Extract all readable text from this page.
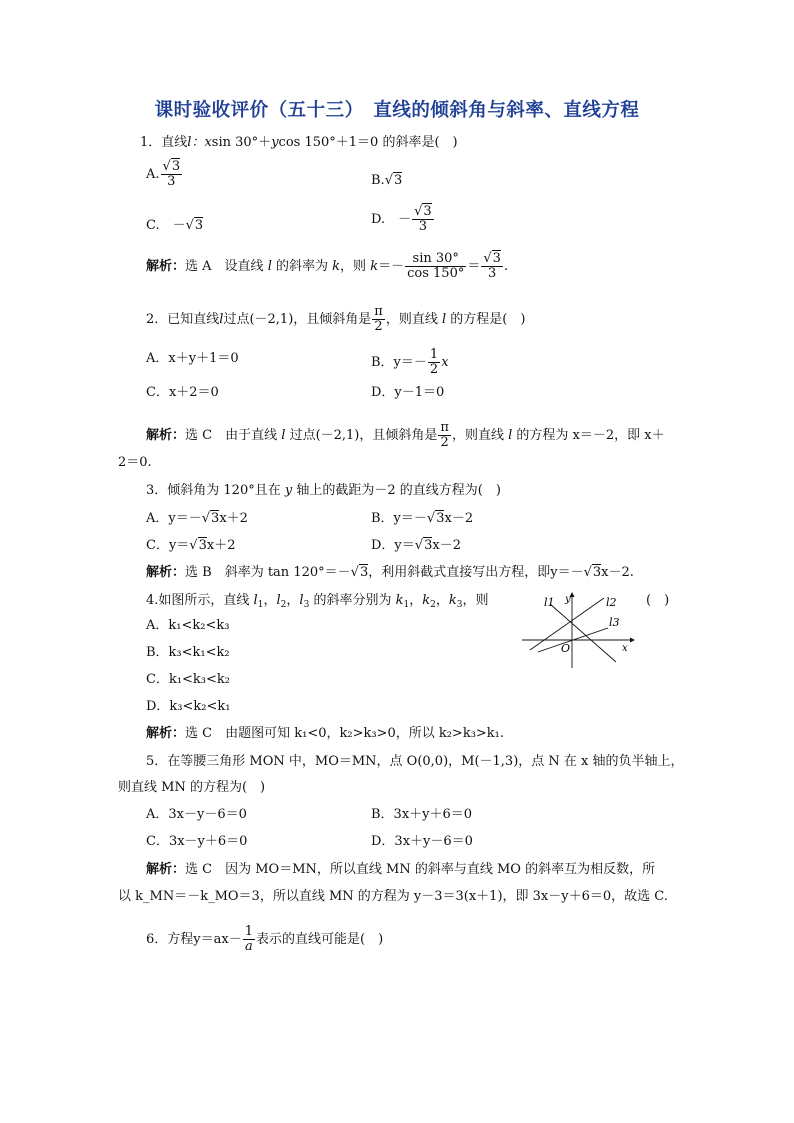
课时验收评价（五十三）　直线的倾斜角与斜率、直线方程
1．直线l：xsin 30°＋ycos 150°＋1＝0 的斜率是(　)
A. $\frac{√3}{3}$	B.√3
C.　－√3	D.　－ $\frac{√3}{3}$
解析：选 A　设直线 l 的斜率为 k，则 $k=- \frac{\sin 30^\circ}{\cos 150^\circ} = \frac{√3}{3}$ .
2．已知直线l过点(－2,1)，且倾斜角是 $\frac{\pi}{2}$ ，则直线 l 的方程是(　)
A．x＋y＋1＝0	B．$y=- \frac{1}{2}$ x
C．x＋2＝0	D．y－1＝0
解析：选 C　由于直线 l 过点(－2,1)，且倾斜角是 $\frac{\pi}{2}$ ，则直线 l 的方程为 x＝－2，即 x＋
2＝0.
3．倾斜角为 120°且在 y 轴上的截距为－2 的直线方程为(　)
A．y＝－√3x＋2	B．y＝－√3x－2
C．y＝√3x＋2	D．y＝√3x－2
解析：选 B　斜率为 tan 120°＝－√3，利用斜截式直接写出方程，即y＝－√3x－2.
4.如图所示，直线 $l_1$，$l_2$，$l_3$ 的斜率分别为 $k_1$，$k_2$，$k_3$，则	(　)
A．k₁<k₂<k₃
B．k₃<k₁<k₂
C．k₁<k₃<k₂
D．k₃<k₂<k₁
解析：选 C　由题图可知 k₁<0，k₂>k₃>0，所以 k₂>k₃>k₁.
l1 y	l2
l3
O	x
5．在等腰三角形 MON 中，MO＝MN，点 O(0,0)，M(－1,3)，点 N 在 x 轴的负半轴上，
则直线 MN 的方程为(　)
A．3x－y－6＝0	B．3x＋y＋6＝0
C．3x－y＋6＝0	D．3x＋y－6＝0
解析：选 C　因为 MO＝MN，所以直线 MN 的斜率与直线 MO 的斜率互为相反数，所
以 k_MN＝－k_MO＝3，所以直线 MN 的方程为 y－3＝3(x＋1)，即 3x－y＋6＝0，故选 C.
6．方程$y=ax- \frac{1}{a}$ 表示的直线可能是(　)
